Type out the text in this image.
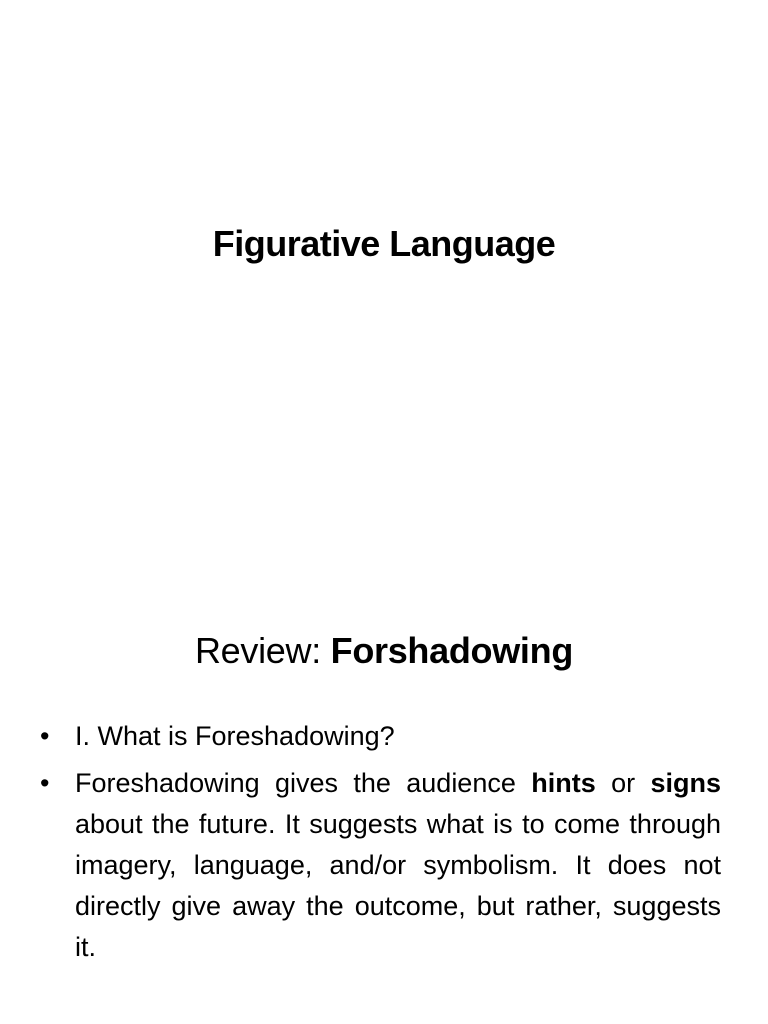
Figurative Language
Review: Forshadowing
• I. What is Foreshadowing?
• Foreshadowing gives the audience hints or signs about the future. It suggests what is to come through imagery, language, and/or symbolism. It does not directly give away the outcome, but rather, suggests it.
